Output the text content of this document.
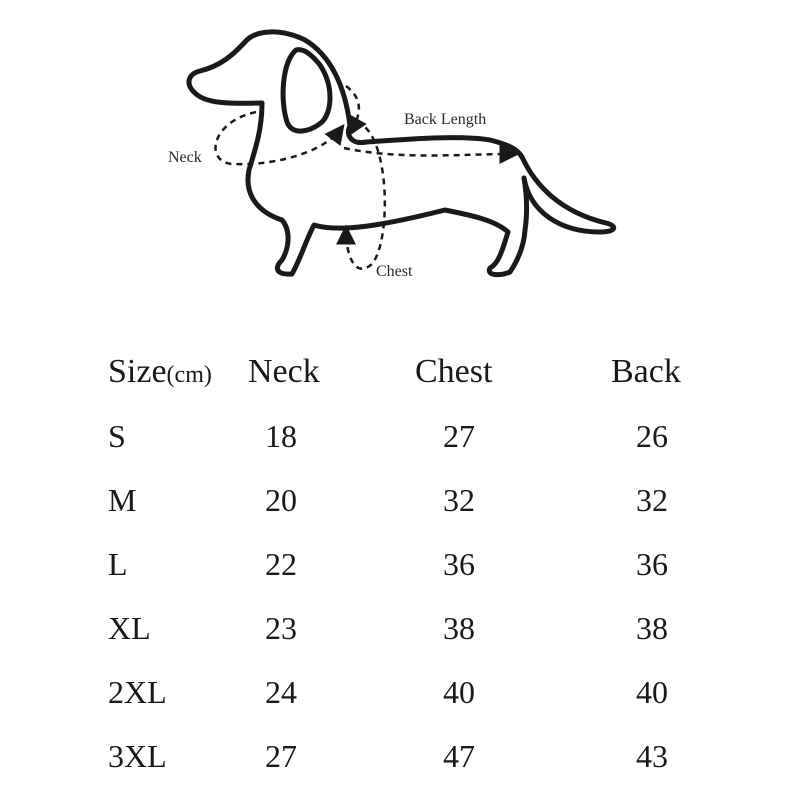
Neck
Back Length
Chest
Size(cm)	Neck	Chest	Back
S	18	27	26
M	20	32	32
L	22	36	36
XL	23	38	38
2XL	24	40	40
3XL	27	47	43
